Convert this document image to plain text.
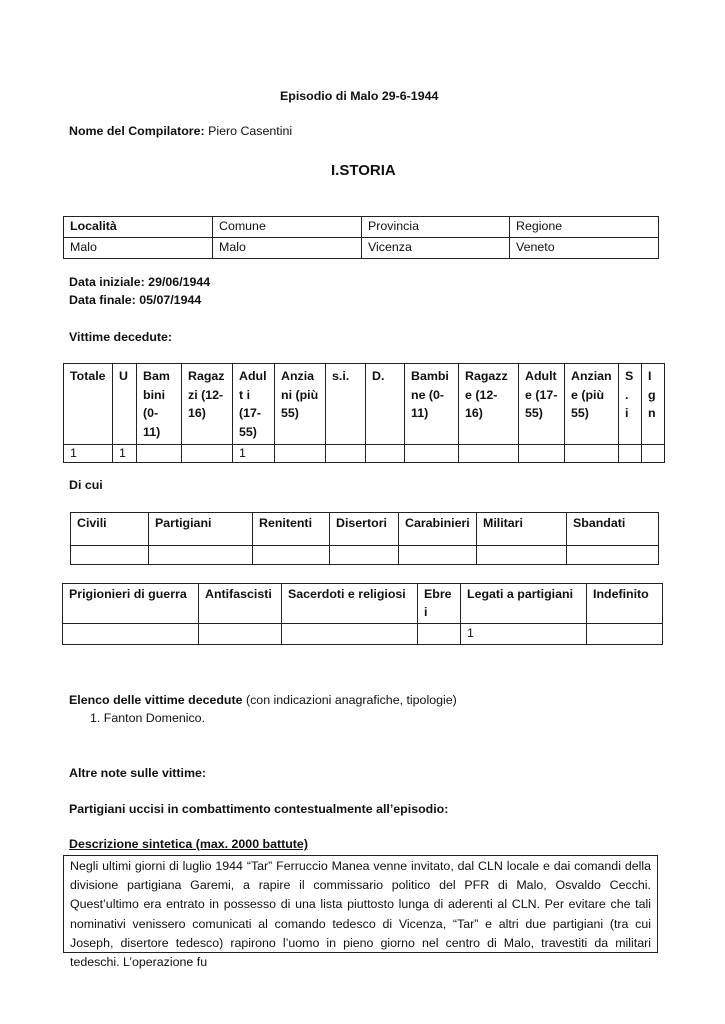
Episodio di Malo 29-6-1944
Nome del Compilatore: Piero Casentini
I.STORIA
Località	Comune	Provincia	Regione
Malo	Malo	Vicenza	Veneto
Data iniziale: 29/06/1944
Data finale: 05/07/1944
Vittime decedute:
Totale	U	Bam bini (0- 11)	Ragaz zi (12- 16)	Adult i (17- 55)	Anzia ni (più 55)	s.i.	D.	Bambi ne (0- 11)	Ragazze (12-16)	Adult e (17- 55)	Anzian e (più 55)	S. i	Ig n
1	1			1									
Di cui
Civili	Partigiani	Renitenti	Disertori	Carabinieri	Militari	Sbandati

Prigionieri di guerra	Antifascisti	Sacerdoti e religiosi	Ebrei	Legati a partigiani	Indefinito
				1	
Elenco delle vittime decedute (con indicazioni anagrafiche, tipologie)
1. Fanton Domenico.
Altre note sulle vittime:
Partigiani uccisi in combattimento contestualmente all’episodio:
Descrizione sintetica (max. 2000 battute)
Negli ultimi giorni di luglio 1944 “Tar” Ferruccio Manea venne invitato, dal CLN locale e dai comandi della divisione partigiana Garemi, a rapire il commissario politico del PFR di Malo, Osvaldo Cecchi. Quest’ultimo era entrato in possesso di una lista piuttosto lunga di aderenti al CLN. Per evitare che tali nominativi venissero comunicati al comando tedesco di Vicenza, “Tar” e altri due partigiani (tra cui Joseph, disertore tedesco) rapirono l’uomo in pieno giorno nel centro di Malo, travestiti da militari tedeschi. L’operazione fu
